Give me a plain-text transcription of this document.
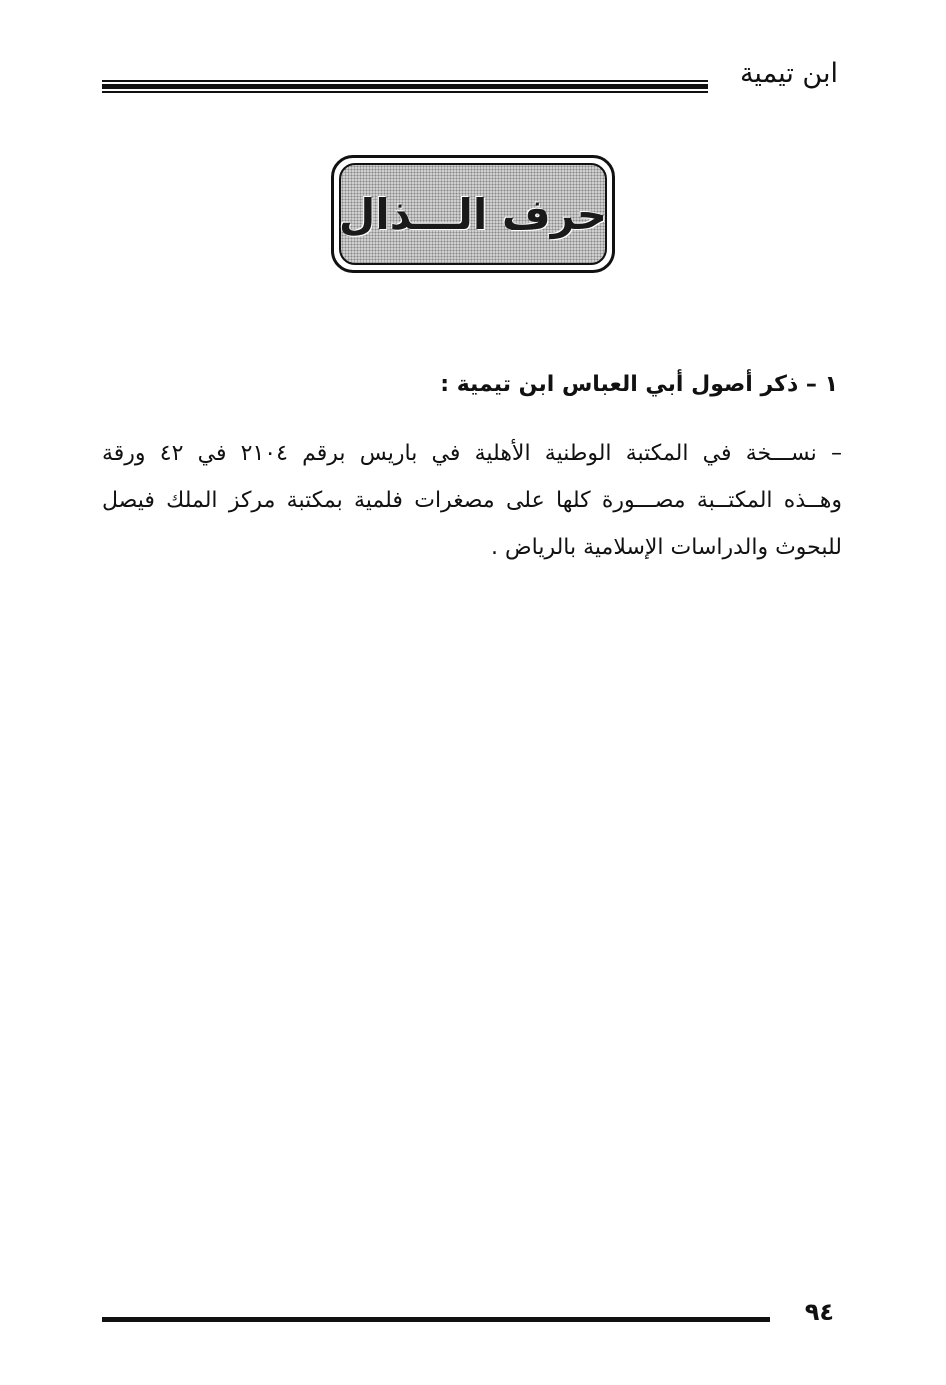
ابن تيمية
حرف الـــذال
١ – ذكر أصول أبي العباس ابن تيمية :
– نســـخة في المكتبة الوطنية الأهلية في باريس برقم ٢١٠٤ في ٤٢ ورقة
وهــذه المكتــبة مصـــورة كلها على مصغرات فلمية بمكتبة مركز الملك فيصل
للبحوث والدراسات الإسلامية بالرياض .
٩٤
